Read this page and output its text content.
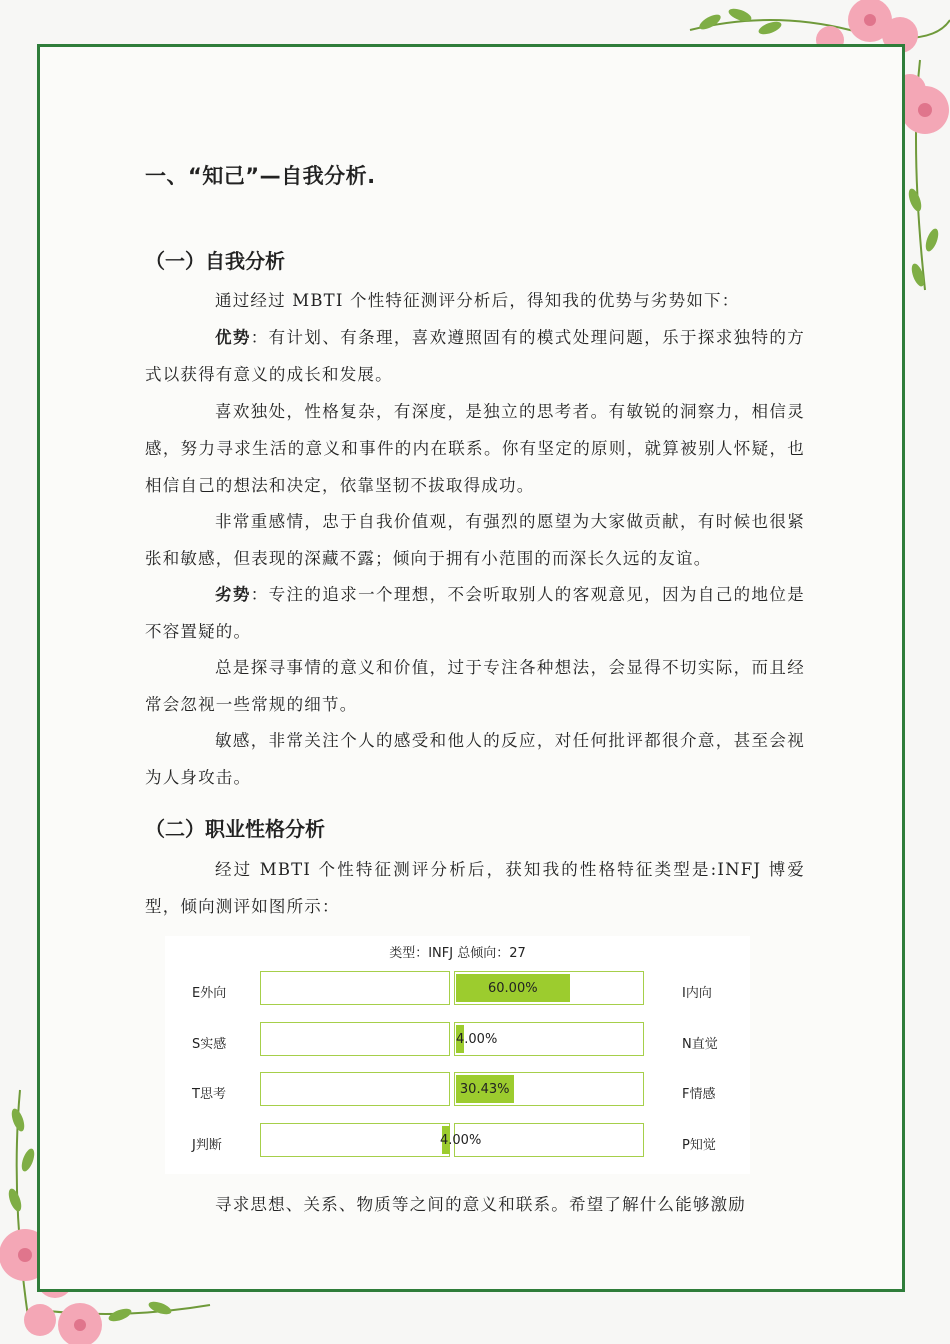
一、“知己”—自我分析.
（一）自我分析
通过经过 MBTI 个性特征测评分析后，得知我的优势与劣势如下：
优势：有计划、有条理，喜欢遵照固有的模式处理问题，乐于探求独特的方式以获得有意义的成长和发展。
喜欢独处，性格复杂，有深度，是独立的思考者。有敏锐的洞察力，相信灵感，努力寻求生活的意义和事件的内在联系。你有坚定的原则，就算被别人怀疑，也相信自己的想法和决定，依靠坚韧不拔取得成功。
非常重感情，忠于自我价值观，有强烈的愿望为大家做贡献，有时候也很紧张和敏感，但表现的深藏不露；倾向于拥有小范围的而深长久远的友谊。
劣势：专注的追求一个理想，不会听取别人的客观意见，因为自己的地位是不容置疑的。
总是探寻事情的意义和价值，过于专注各种想法，会显得不切实际，而且经常会忽视一些常规的细节。
敏感，非常关注个人的感受和他人的反应，对任何批评都很介意，甚至会视为人身攻击。
（二）职业性格分析
经过 MBTI 个性特征测评分析后，获知我的性格特征类型是:INFJ 博爱型，倾向测评如图所示：
类型：INFJ 总倾向：27
E外向	I内向
60.00%
S实感	N直觉
4.00%
T思考	F情感
30.43%
J判断	P知觉
4.00%
寻求思想、关系、物质等之间的意义和联系。希望了解什么能够激励
